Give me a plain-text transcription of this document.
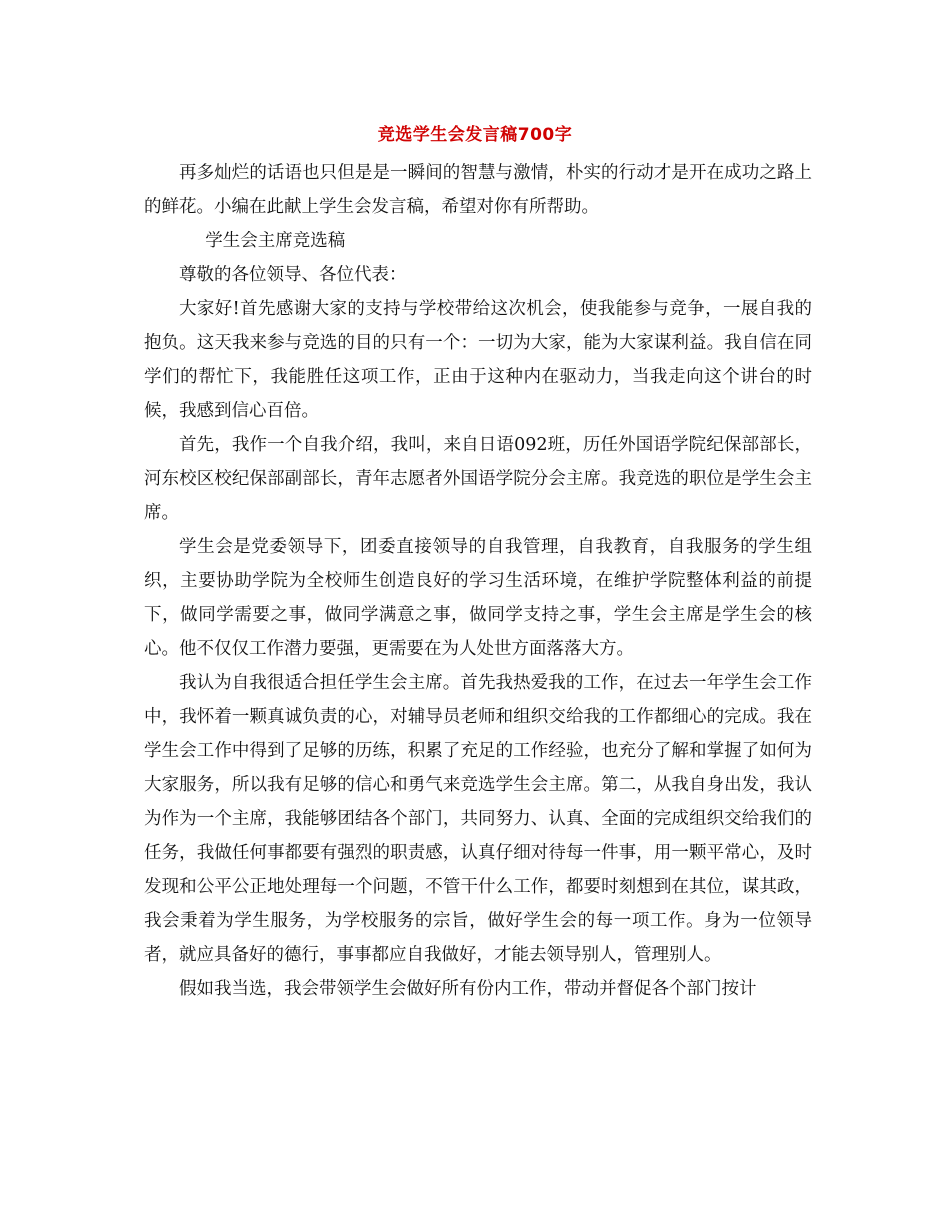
竞选学生会发言稿700字

再多灿烂的话语也只但是是一瞬间的智慧与激情，朴实的行动才是开在成功之路上的鲜花。小编在此献上学生会发言稿，希望对你有所帮助。

学生会主席竞选稿

尊敬的各位领导、各位代表：

大家好!首先感谢大家的支持与学校带给这次机会，使我能参与竞争，一展自我的抱负。这天我来参与竞选的目的只有一个：一切为大家，能为大家谋利益。我自信在同学们的帮忙下，我能胜任这项工作，正由于这种内在驱动力，当我走向这个讲台的时候，我感到信心百倍。

首先，我作一个自我介绍，我叫，来自日语092班，历任外国语学院纪保部部长，河东校区校纪保部副部长，青年志愿者外国语学院分会主席。我竞选的职位是学生会主席。

学生会是党委领导下，团委直接领导的自我管理，自我教育，自我服务的学生组织，主要协助学院为全校师生创造良好的学习生活环境，在维护学院整体利益的前提下，做同学需要之事，做同学满意之事，做同学支持之事，学生会主席是学生会的核心。他不仅仅工作潜力要强，更需要在为人处世方面落落大方。

我认为自我很适合担任学生会主席。首先我热爱我的工作，在过去一年学生会工作中，我怀着一颗真诚负责的心，对辅导员老师和组织交给我的工作都细心的完成。我在学生会工作中得到了足够的历练，积累了充足的工作经验，也充分了解和掌握了如何为大家服务，所以我有足够的信心和勇气来竞选学生会主席。第二，从我自身出发，我认为作为一个主席，我能够团结各个部门，共同努力、认真、全面的完成组织交给我们的任务，我做任何事都要有强烈的职责感，认真仔细对待每一件事，用一颗平常心，及时发现和公平公正地处理每一个问题，不管干什么工作，都要时刻想到在其位，谋其政，我会秉着为学生服务，为学校服务的宗旨，做好学生会的每一项工作。身为一位领导者，就应具备好的德行，事事都应自我做好，才能去领导别人，管理别人。

假如我当选，我会带领学生会做好所有份内工作，带动并督促各个部门按计
